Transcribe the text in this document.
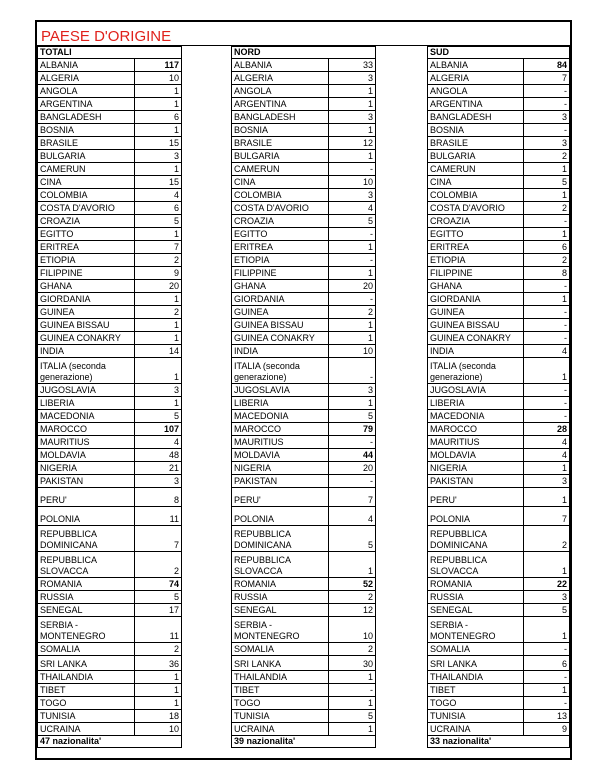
PAESE D'ORIGINE
TOTALI	
ALBANIA	117
ALGERIA	10
ANGOLA	1
ARGENTINA	1
BANGLADESH	6
BOSNIA	1
BRASILE	15
BULGARIA	3
CAMERUN	1
CINA	15
COLOMBIA	4
COSTA D'AVORIO	6
CROAZIA	5
EGITTO	1
ERITREA	7
ETIOPIA	2
FILIPPINE	9
GHANA	20
GIORDANIA	1
GUINEA	2
GUINEA BISSAU	1
GUINEA CONAKRY	1
INDIA	14
ITALIA (seconda generazione)	1
JUGOSLAVIA	3
LIBERIA	1
MACEDONIA	5
MAROCCO	107
MAURITIUS	4
MOLDAVIA	48
NIGERIA	21
PAKISTAN	3
PERU'	8
POLONIA	11
REPUBBLICA DOMINICANA	7
REPUBBLICA SLOVACCA	2
ROMANIA	74
RUSSIA	5
SENEGAL	17
SERBIA - MONTENEGRO	11
SOMALIA	2
SRI LANKA	36
THAILANDIA	1
TIBET	1
TOGO	1
TUNISIA	18
UCRAINA	10
47 nazionalita'	
NORD	
ALBANIA	33
ALGERIA	3
ANGOLA	1
ARGENTINA	1
BANGLADESH	3
BOSNIA	1
BRASILE	12
BULGARIA	1
CAMERUN	-
CINA	10
COLOMBIA	3
COSTA D'AVORIO	4
CROAZIA	5
EGITTO	-
ERITREA	1
ETIOPIA	-
FILIPPINE	1
GHANA	20
GIORDANIA	-
GUINEA	2
GUINEA BISSAU	1
GUINEA CONAKRY	1
INDIA	10
ITALIA (seconda generazione)	-
JUGOSLAVIA	3
LIBERIA	1
MACEDONIA	5
MAROCCO	79
MAURITIUS	-
MOLDAVIA	44
NIGERIA	20
PAKISTAN	-
PERU'	7
POLONIA	4
REPUBBLICA DOMINICANA	5
REPUBBLICA SLOVACCA	1
ROMANIA	52
RUSSIA	2
SENEGAL	12
SERBIA - MONTENEGRO	10
SOMALIA	2
SRI LANKA	30
THAILANDIA	1
TIBET	-
TOGO	1
TUNISIA	5
UCRAINA	1
39 nazionalita'	
SUD	
ALBANIA	84
ALGERIA	7
ANGOLA	-
ARGENTINA	-
BANGLADESH	3
BOSNIA	-
BRASILE	3
BULGARIA	2
CAMERUN	1
CINA	5
COLOMBIA	1
COSTA D'AVORIO	2
CROAZIA	-
EGITTO	1
ERITREA	6
ETIOPIA	2
FILIPPINE	8
GHANA	-
GIORDANIA	1
GUINEA	-
GUINEA BISSAU	-
GUINEA CONAKRY	-
INDIA	4
ITALIA (seconda generazione)	1
JUGOSLAVIA	-
LIBERIA	-
MACEDONIA	-
MAROCCO	28
MAURITIUS	4
MOLDAVIA	4
NIGERIA	1
PAKISTAN	3
PERU'	1
POLONIA	7
REPUBBLICA DOMINICANA	2
REPUBBLICA SLOVACCA	1
ROMANIA	22
RUSSIA	3
SENEGAL	5
SERBIA - MONTENEGRO	1
SOMALIA	-
SRI LANKA	6
THAILANDIA	-
TIBET	1
TOGO	-
TUNISIA	13
UCRAINA	9
33 nazionalita'	
